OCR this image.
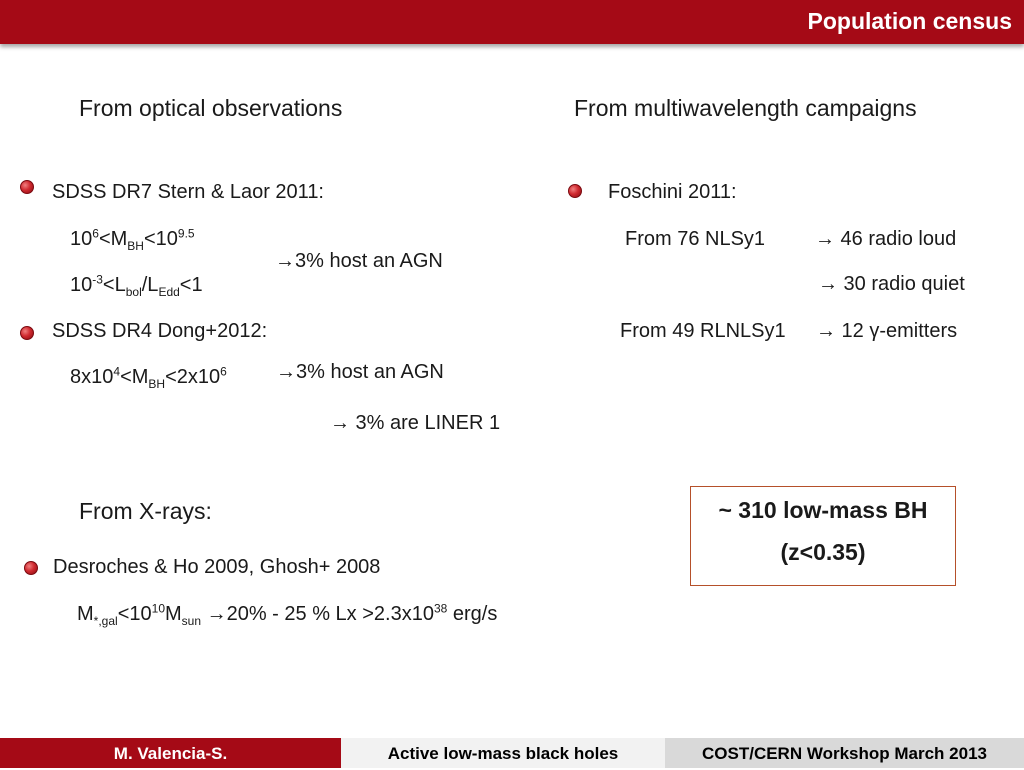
Population census
From optical observations
SDSS DR7 Stern & Laor 2011:
$10^6<M_{BH}<10^{9.5}$
$10^{-3}<L_{bol}/L_{Edd}<1$
→3% host an AGN
SDSS DR4 Dong+2012:
$8x10^4<M_{BH}<2x10^6 \to 3\%$ host an AGN
→ 3% are LINER 1
From multiwavelength campaigns
Foschini 2011:
From 76 NLSy1 → 46 radio loud
→ 30 radio quiet
From 49 RLNLSy1 → 12 γ-emitters
From X-rays:
Desroches & Ho 2009, Ghosh+ 2008
$M_{*,gal}<10^{10}M_{sun} \to 20\% - 25$ % $Lx >2.3x10^{38}$ erg/s
~ 310 low-mass BH
(z<0.35)
M. Valencia-S.	Active low-mass black holes	COST/CERN Workshop March 2013
